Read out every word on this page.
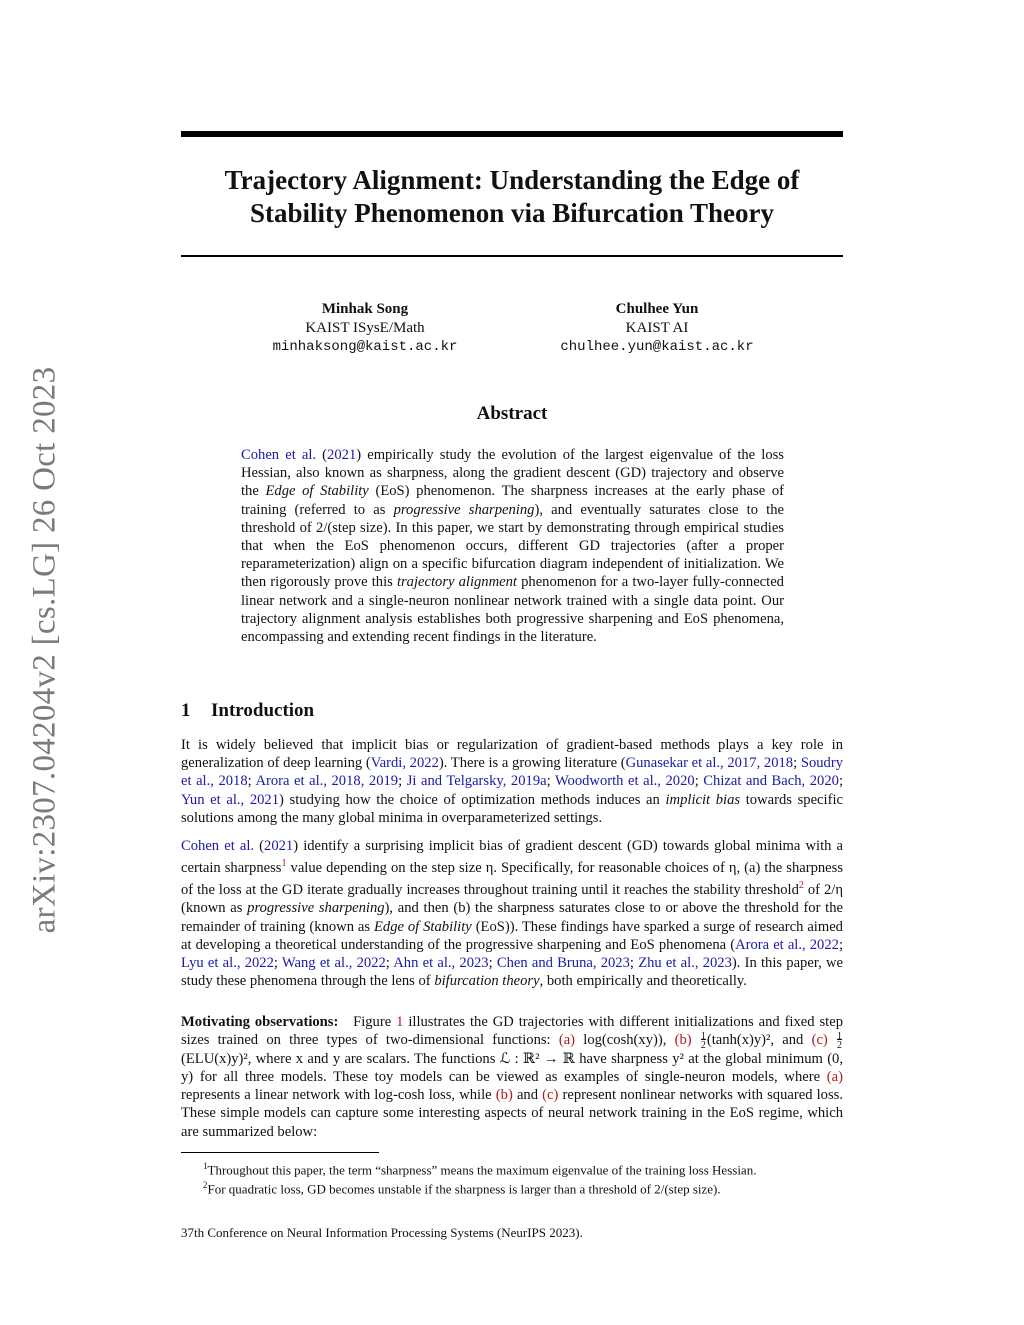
arXiv:2307.04204v2 [cs.LG] 26 Oct 2023
Trajectory Alignment: Understanding the Edge of
Stability Phenomenon via Bifurcation Theory
Minhak Song
KAIST ISysE/Math
minhaksong@kaist.ac.kr
Chulhee Yun
KAIST AI
chulhee.yun@kaist.ac.kr
Abstract
Cohen et al. (2021) empirically study the evolution of the largest eigenvalue of the loss Hessian, also known as sharpness, along the gradient descent (GD) trajectory and observe the Edge of Stability (EoS) phenomenon. The sharpness increases at the early phase of training (referred to as progressive sharpening), and eventually saturates close to the threshold of 2/(step size). In this paper, we start by demonstrating through empirical studies that when the EoS phenomenon occurs, different GD trajectories (after a proper reparameterization) align on a specific bifurcation diagram independent of initialization. We then rigorously prove this trajectory alignment phenomenon for a two-layer fully-connected linear network and a single-neuron nonlinear network trained with a single data point. Our trajectory alignment analysis establishes both progressive sharpening and EoS phenomena, encompassing and extending recent findings in the literature.
1 Introduction
It is widely believed that implicit bias or regularization of gradient-based methods plays a key role in generalization of deep learning (Vardi, 2022). There is a growing literature (Gunasekar et al., 2017, 2018; Soudry et al., 2018; Arora et al., 2018, 2019; Ji and Telgarsky, 2019a; Woodworth et al., 2020; Chizat and Bach, 2020; Yun et al., 2021) studying how the choice of optimization methods induces an implicit bias towards specific solutions among the many global minima in overparameterized settings.
Cohen et al. (2021) identify a surprising implicit bias of gradient descent (GD) towards global minima with a certain sharpness$^1$ value depending on the step size η. Specifically, for reasonable choices of η, (a) the sharpness of the loss at the GD iterate gradually increases throughout training until it reaches the stability threshold$^2$ of 2/η (known as progressive sharpening), and then (b) the sharpness saturates close to or above the threshold for the remainder of training (known as Edge of Stability (EoS)). These findings have sparked a surge of research aimed at developing a theoretical understanding of the progressive sharpening and EoS phenomena (Arora et al., 2022; Lyu et al., 2022; Wang et al., 2022; Ahn et al., 2023; Chen and Bruna, 2023; Zhu et al., 2023). In this paper, we study these phenomena through the lens of bifurcation theory, both empirically and theoretically.
Motivating observations: Figure 1 illustrates the GD trajectories with different initializations and fixed step sizes trained on three types of two-dimensional functions: (a) log(cosh(xy)), (b) 1
2(tanh(x)y)², and (c) 1
2(ELU(x)y)², where x and y are scalars. The functions ℒ : ℝ² → ℝ have sharpness y² at the global minimum (0, y) for all three models. These toy models can be viewed as examples of single-neuron models, where (a) represents a linear network with log-cosh loss, while (b) and (c) represent nonlinear networks with squared loss. These simple models can capture some interesting aspects of neural network training in the EoS regime, which are summarized below:
$^1$Throughout this paper, the term “sharpness” means the maximum eigenvalue of the training loss Hessian.
$^2$For quadratic loss, GD becomes unstable if the sharpness is larger than a threshold of 2/(step size).
37th Conference on Neural Information Processing Systems (NeurIPS 2023).
